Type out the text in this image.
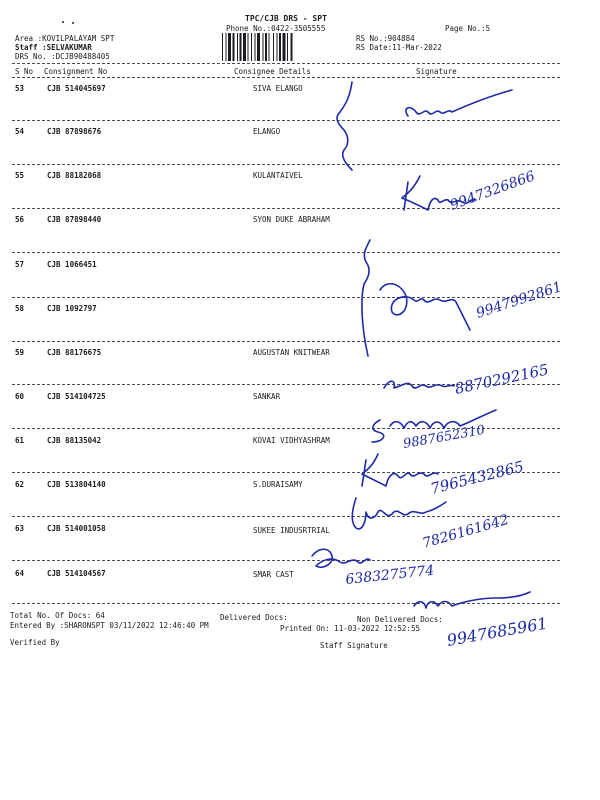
TPC/CJB DRS - SPT
Phone No.:0422-3505555	Page No.:5
Area :KOVILPALAYAM SPT
Staff :SELVAKUMAR
DRS No. :DCJB90488405
RS No.:904884
RS Date:11-Mar-2022
S No Consignment No	Consignee Details	Signature
53	CJB 514045697	SIVA ELANGO
54	CJB 87898676	ELANGO
55	CJB 88182068	KULANTAIVEL
56	CJB 87898440	SYON DUKE ABRAHAM
57	CJB 1066451
58	CJB 1092797
59	CJB 88176675	AUGUSTAN KNITWEAR
60	CJB 514104725	SANKAR
61	CJB 88135042	KOVAI VIDHYASHRAM
62	CJB 513804140	S.DURAISAMY
63	CJB 514001058	SUKEE INDUSRTRIAL
64	CJB 514104567	SMAR CAST
Total No. Of Docs: 64	Delivered Docs:	Non Delivered Docs:
Entered By :SHARONSPT 03/11/2022 12:46:40 PM	Printed On: 11-03-2022 12:52:55
Verified By	Staff Signature
9947326866
9947992861
8870292165
9887652310
7965432865
7826161642
6383275774
9947685961
